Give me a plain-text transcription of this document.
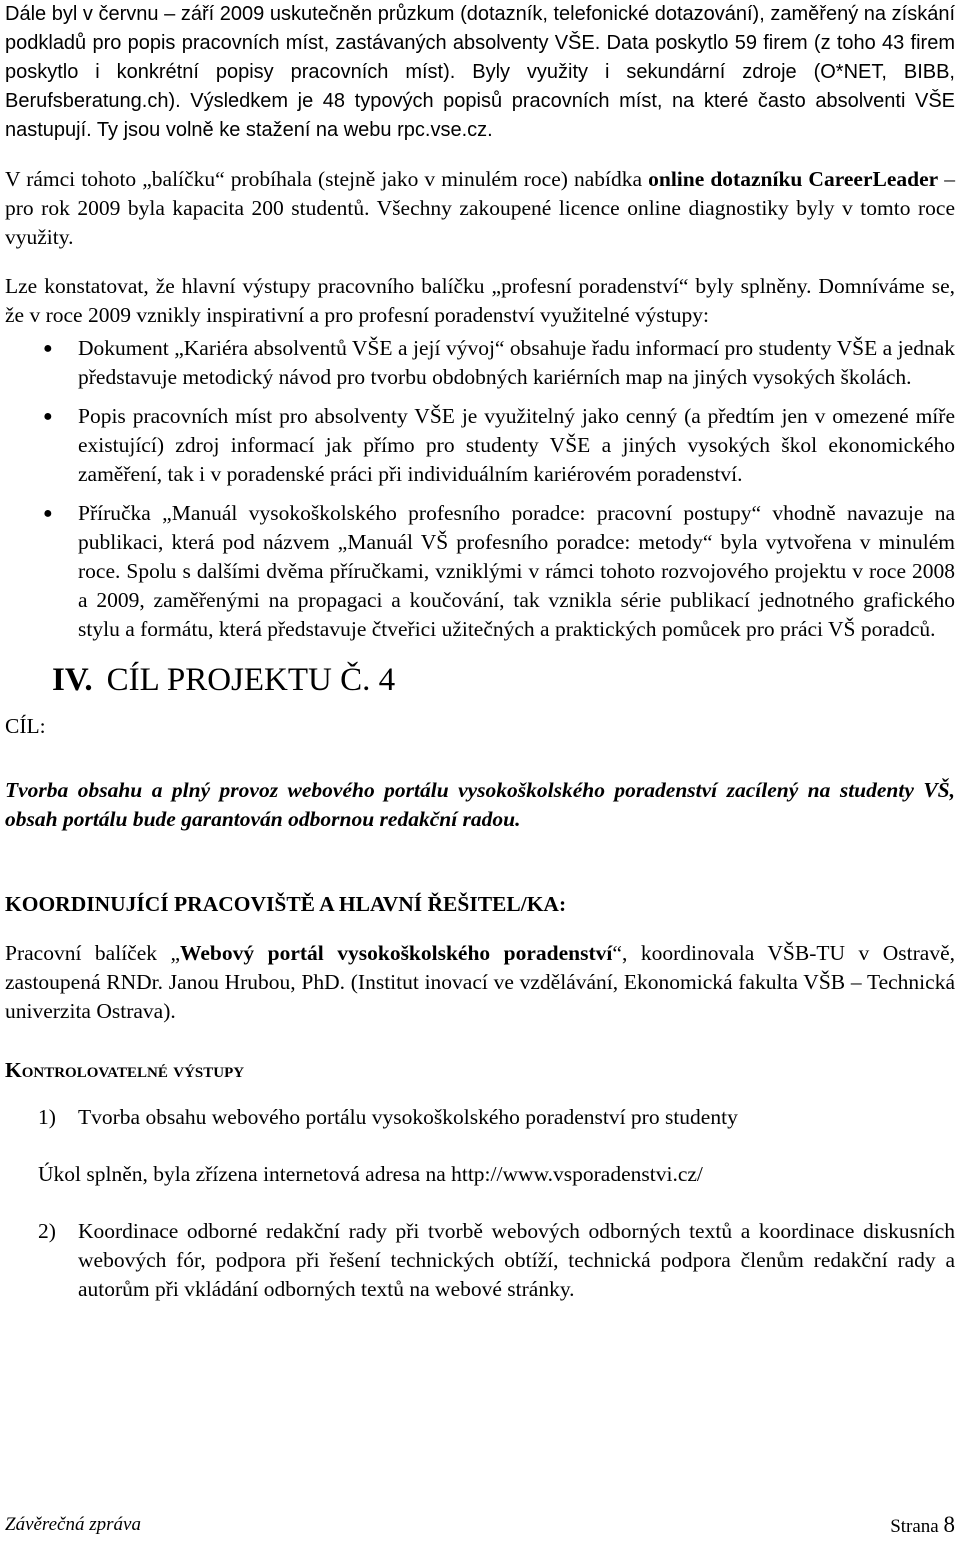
Dále byl v červnu – září 2009 uskutečněn průzkum (dotazník, telefonické dotazování), zaměřený na získání podkladů pro popis pracovních míst, zastávaných absolventy VŠE. Data poskytlo 59 firem (z toho 43 firem poskytlo i konkrétní popisy pracovních míst). Byly využity i sekundární zdroje (O*NET, BIBB, Berufsberatung.ch). Výsledkem je 48 typových popisů pracovních míst, na které často absolventi VŠE nastupují. Ty jsou volně ke stažení na webu rpc.vse.cz.

V rámci tohoto „balíčku“ probíhala (stejně jako v minulém roce) nabídka online dotazníku CareerLeader – pro rok 2009 byla kapacita 200 studentů. Všechny zakoupené licence online diagnostiky byly v tomto roce využity.

Lze konstatovat, že hlavní výstupy pracovního balíčku „profesní poradenství“ byly splněny. Domníváme se, že v roce 2009 vznikly inspirativní a pro profesní poradenství využitelné výstupy:

● Dokument „Kariéra absolventů VŠE a její vývoj“ obsahuje řadu informací pro studenty VŠE a jednak představuje metodický návod pro tvorbu obdobných kariérních map na jiných vysokých školách.
● Popis pracovních míst pro absolventy VŠE je využitelný jako cenný (a předtím jen v omezené míře existující) zdroj informací jak přímo pro studenty VŠE a jiných vysokých škol ekonomického zaměření, tak i v poradenské práci při individuálním kariérovém poradenství.
● Příručka „Manuál vysokoškolského profesního poradce: pracovní postupy“ vhodně navazuje na publikaci, která pod názvem „Manuál VŠ profesního poradce: metody“ byla vytvořena v minulém roce. Spolu s dalšími dvěma příručkami, vzniklými v rámci tohoto rozvojového projektu v roce 2008 a 2009, zaměřenými na propagaci a koučování, tak vznikla série publikací jednotného grafického stylu a formátu, která představuje čtveřici užitečných a praktických pomůcek pro práci VŠ poradců.
IV. CÍL PROJEKTU Č. 4
CÍL:

Tvorba obsahu a plný provoz webového portálu vysokoškolského poradenství zacílený na studenty VŠ, obsah portálu bude garantován odbornou redakční radou.

KOORDINUJÍCÍ PRACOVIŠTĚ A HLAVNÍ ŘEŠITEL/KA:

Pracovní balíček „Webový portál vysokoškolského poradenství“, koordinovala VŠB-TU v Ostravě, zastoupená RNDr. Janou Hrubou, PhD. (Institut inovací ve vzdělávání, Ekonomická fakulta VŠB – Technická univerzita Ostrava).

Kontrolovatelné výstupy

1) Tvorba obsahu webového portálu vysokoškolského poradenství pro studenty

Úkol splněn, byla zřízena internetová adresa na http://www.vsporadenstvi.cz/

2) Koordinace odborné redakční rady při tvorbě webových odborných textů a koordinace diskusních webových fór, podpora při řešení technických obtíží, technická podpora členům redakční rady a autorům při vkládání odborných textů na webové stránky.
Závěrečná zpráva	Strana 8
